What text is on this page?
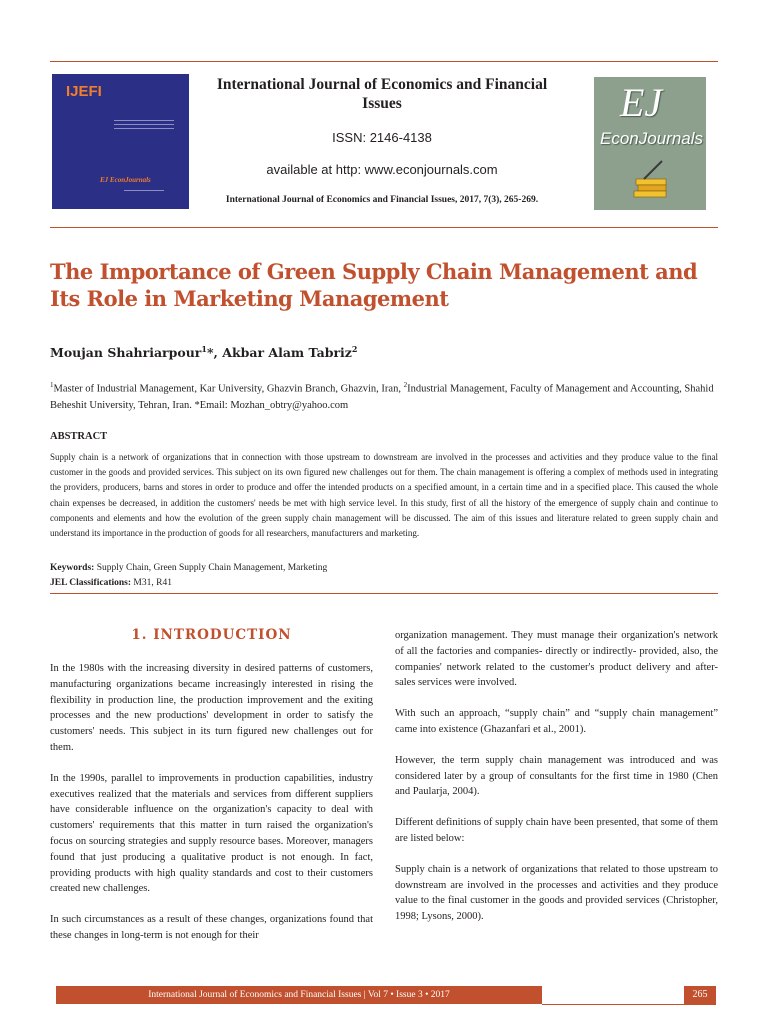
IJEFI
EJ EconJournals
International Journal of Economics and Financial Issues
ISSN: 2146-4138
available at http: www.econjournals.com
International Journal of Economics and Financial Issues, 2017, 7(3), 265-269.
EJ
EconJournals
The Importance of Green Supply Chain Management and Its Role in Marketing Management
Moujan Shahriarpour$^1$*, Akbar Alam Tabriz$^2$
$^1$Master of Industrial Management, Kar University, Ghazvin Branch, Ghazvin, Iran, $^2$Industrial Management, Faculty of Management and Accounting, Shahid Beheshit University, Tehran, Iran. *Email: Mozhan_obtry@yahoo.com
ABSTRACT
Supply chain is a network of organizations that in connection with those upstream to downstream are involved in the processes and activities and they produce value to the final customer in the goods and provided services. This subject on its own figured new challenges out for them. The chain management is offering a complex of methods used in integrating the providers, producers, barns and stores in order to produce and offer the intended products on a specified amount, in a certain time and in a specified place. This caused the whole chain expenses be decreased, in addition the customers' needs be met with high service level. In this study, first of all the history of the emergence of supply chain and continue to components and elements and how the evolution of the green supply chain management will be discussed. The aim of this issues and literature related to green supply chain and understand its importance in the production of goods for all researchers, manufacturers and marketing.
Keywords: Supply Chain, Green Supply Chain Management, Marketing
JEL Classifications: M31, R41
1. INTRODUCTION

In the 1980s with the increasing diversity in desired patterns of customers, manufacturing organizations became increasingly interested in rising the flexibility in production line, the production improvement and the exiting processes and the new productions' development in order to satisfy the customers' needs. This subject in its turn figured new challenges out for them.

In the 1990s, parallel to improvements in production capabilities, industry executives realized that the materials and services from different suppliers have considerable influence on the organization's capacity to deal with customers' requirements that this matter in turn raised the organization's focus on sourcing strategies and supply resource bases. Moreover, managers found that just producing a qualitative product is not enough. In fact, providing products with high quality standards and cost to their customers created new challenges.

In such circumstances as a result of these changes, organizations found that these changes in long-term is not enough for their

organization management. They must manage their organization's network of all the factories and companies- directly or indirectly- provided, also, the companies' network related to the customer's product delivery and after- sales services were involved.

With such an approach, “supply chain” and “supply chain management” came into existence (Ghazanfari et al., 2001).

However, the term supply chain management was introduced and was considered later by a group of consultants for the first time in 1980 (Chen and Paularja, 2004).

Different definitions of supply chain have been presented, that some of them are listed below:

Supply chain is a network of organizations that related to those upstream to downstream are involved in the processes and activities and they produce value to the final customer in the goods and provided services (Christopher, 1998; Lysons, 2000).

International Journal of Economics and Financial Issues | Vol 7 • Issue 3 • 2017	265
